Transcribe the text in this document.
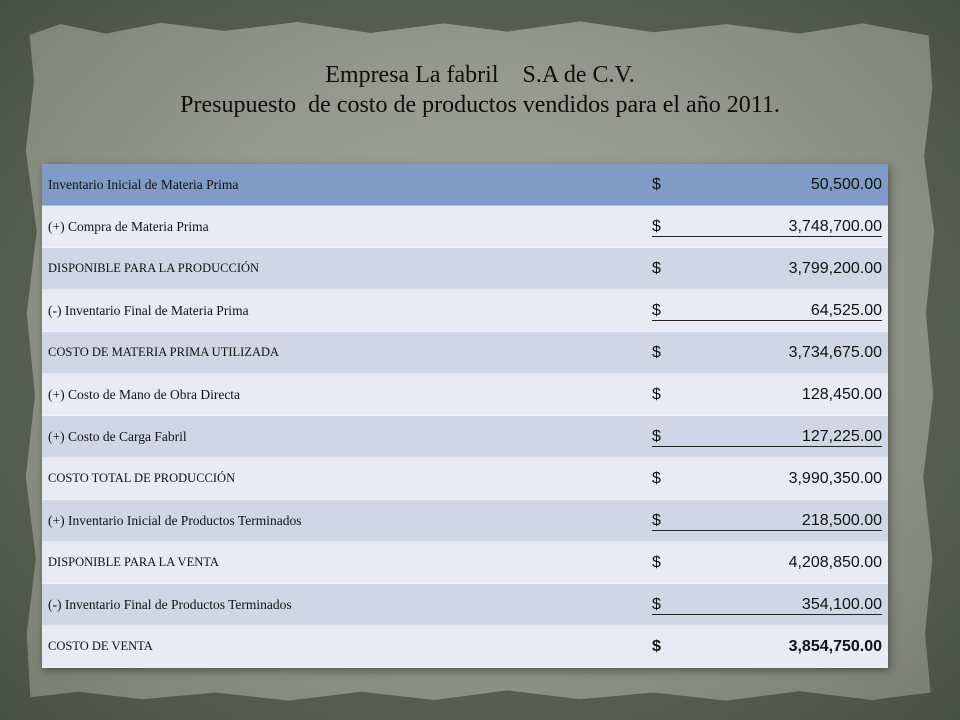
Empresa La fabril    S.A de C.V.
Presupuesto  de costo de productos vendidos para el año 2011.
Inventario Inicial de Materia Prima	$	50,500.00
(+) Compra de Materia Prima	$	3,748,700.00
DISPONIBLE PARA LA PRODUCCIÓN	$	3,799,200.00
(-) Inventario Final de Materia Prima	$	64,525.00
COSTO DE MATERIA PRIMA UTILIZADA	$	3,734,675.00
(+) Costo de Mano de Obra Directa	$	128,450.00
(+) Costo de Carga Fabril	$	127,225.00
COSTO TOTAL DE PRODUCCIÓN	$	3,990,350.00
(+) Inventario Inicial de Productos Terminados	$	218,500.00
DISPONIBLE PARA LA VENTA	$	4,208,850.00
(-) Inventario Final de Productos Terminados	$	354,100.00
COSTO DE VENTA	$	3,854,750.00
